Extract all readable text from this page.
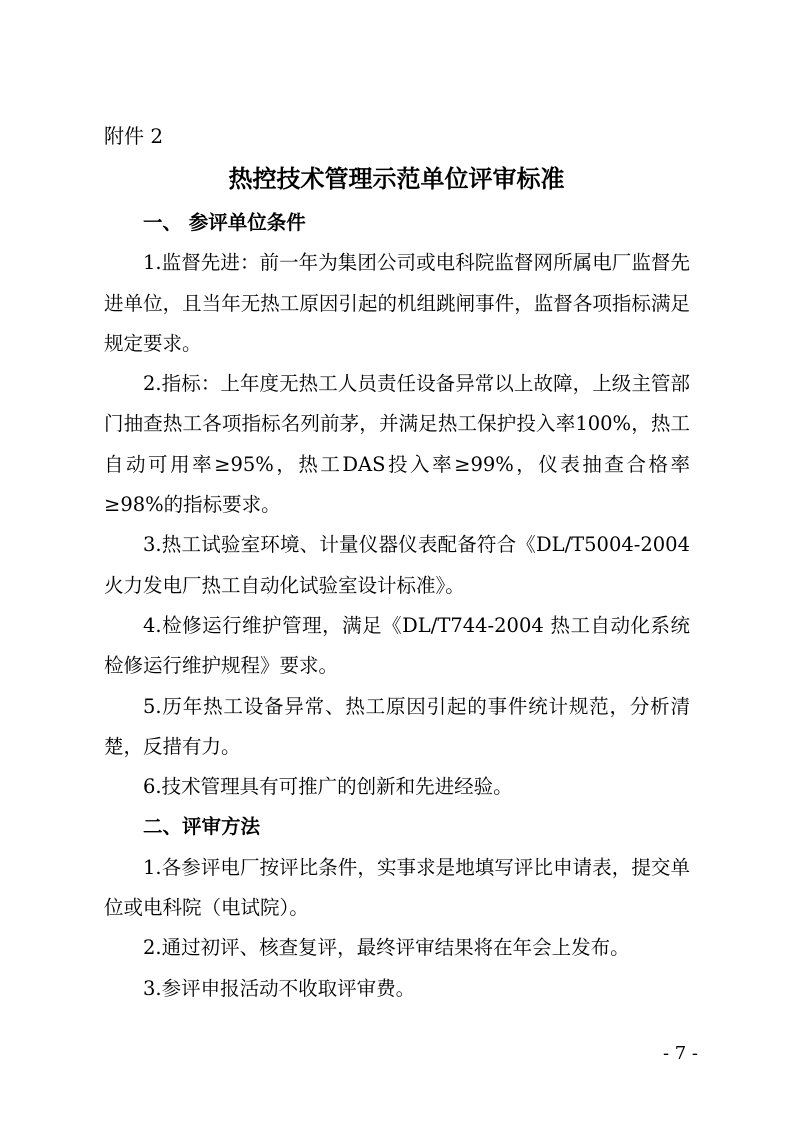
附件 2
热控技术管理示范单位评审标准

一、 参评单位条件

1.监督先进：前一年为集团公司或电科院监督网所属电厂监督先进单位，且当年无热工原因引起的机组跳闸事件，监督各项指标满足规定要求。

2.指标：上年度无热工人员责任设备异常以上故障，上级主管部门抽查热工各项指标名列前茅，并满足热工保护投入率100%，热工自动可用率≥95%，热工DAS投入率≥99%，仪表抽查合格率≥98%的指标要求。

3.热工试验室环境、计量仪器仪表配备符合《DL/T5004-2004 火力发电厂热工自动化试验室设计标准》。

4.检修运行维护管理，满足《DL/T744-2004 热工自动化系统检修运行维护规程》要求。

5.历年热工设备异常、热工原因引起的事件统计规范，分析清楚，反措有力。

6.技术管理具有可推广的创新和先进经验。

二、评审方法

1.各参评电厂按评比条件，实事求是地填写评比申请表，提交单位或电科院（电试院）。

2.通过初评、核查复评，最终评审结果将在年会上发布。

3.参评申报活动不收取评审费。

- 7 -
